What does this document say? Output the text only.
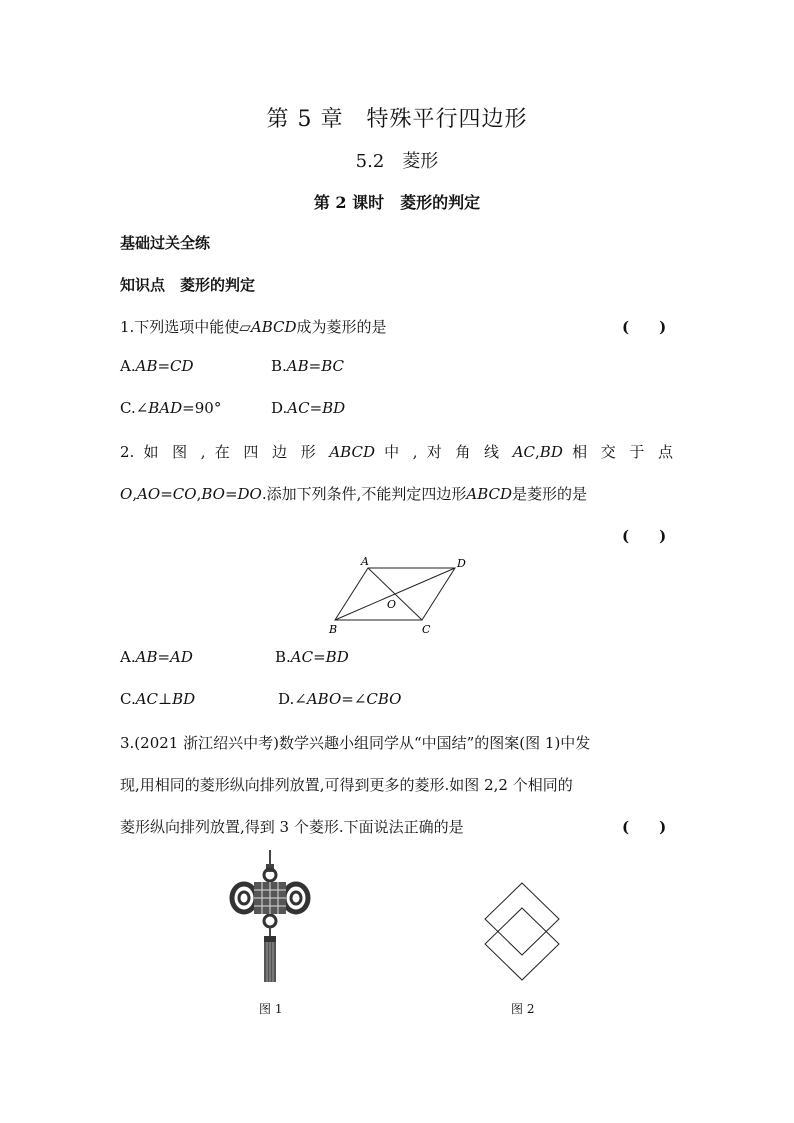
第 5 章　特殊平行四边形
5.2　菱形
第 2 课时　菱形的判定
基础过关全练
知识点　菱形的判定
1.下列选项中能使▱ABCD成为菱形的是	(　　)
A.AB=CD	B.AB=BC
C.∠BAD=90°	D.AC=BD
2. 如 图 , 在 四 边 形 ABCD 中 , 对 角 线 AC,BD 相 交 于 点
O,AO=CO,BO=DO.添加下列条件,不能判定四边形ABCD是菱形的是
(　　)
A	D
B	C
O
A.AB=AD	B.AC=BD
C.AC⊥BD	D.∠ABO=∠CBO
3.(2021 浙江绍兴中考)数学兴趣小组同学从“中国结”的图案(图 1)中发
现,用相同的菱形纵向排列放置,可得到更多的菱形.如图 2,2 个相同的
菱形纵向排列放置,得到 3 个菱形.下面说法正确的是	(　　)
图 1	图 2
